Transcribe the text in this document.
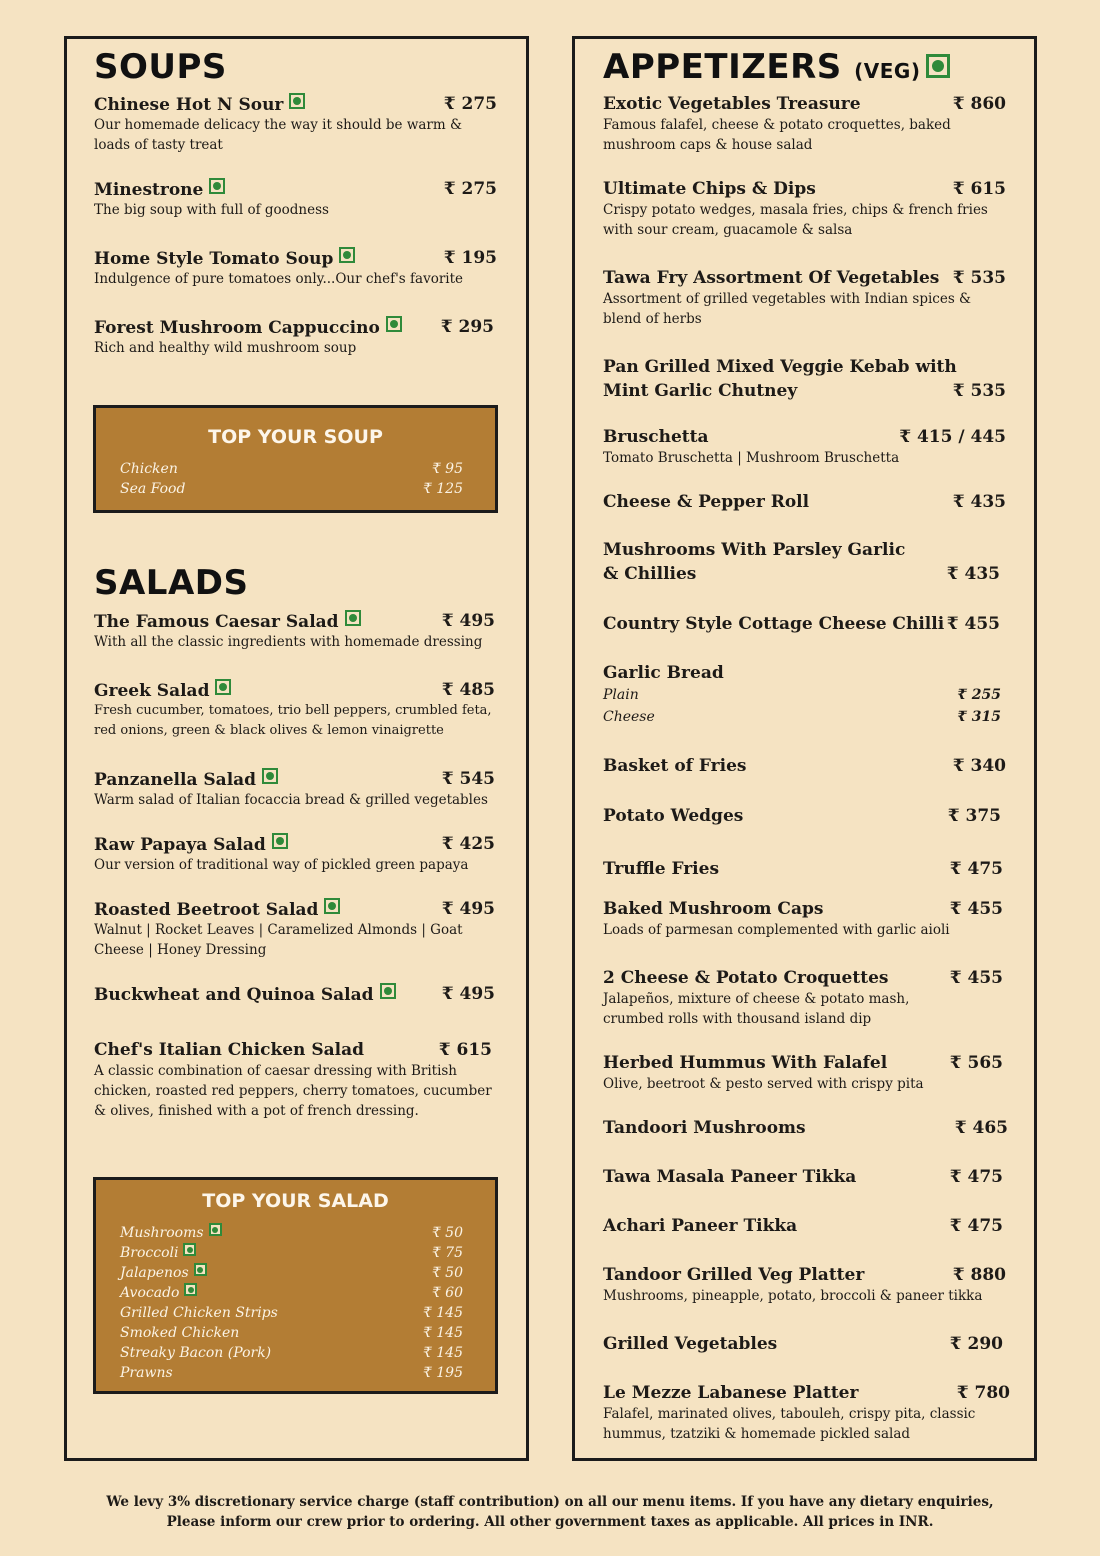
SOUPS
Chinese Hot N Sour	₹ 275
Our homemade delicacy the way it should be warm & loads of tasty treat
Minestrone	₹ 275
The big soup with full of goodness
Home Style Tomato Soup	₹ 195
Indulgence of pure tomatoes only...Our chef's favorite
Forest Mushroom Cappuccino	₹ 295
Rich and healthy wild mushroom soup
TOP YOUR SOUP
Chicken	₹ 95
Sea Food	₹ 125
SALADS
The Famous Caesar Salad	₹ 495
With all the classic ingredients with homemade dressing
Greek Salad	₹ 485
Fresh cucumber, tomatoes, trio bell peppers, crumbled feta, red onions, green & black olives & lemon vinaigrette
Panzanella Salad	₹ 545
Warm salad of Italian focaccia bread & grilled vegetables
Raw Papaya Salad	₹ 425
Our version of traditional way of pickled green papaya
Roasted Beetroot Salad	₹ 495
Walnut | Rocket Leaves | Caramelized Almonds | Goat Cheese | Honey Dressing
Buckwheat and Quinoa Salad	₹ 495
Chef's Italian Chicken Salad	₹ 615
A classic combination of caesar dressing with British chicken, roasted red peppers, cherry tomatoes, cucumber & olives, finished with a pot of french dressing.
TOP YOUR SALAD
Mushrooms	₹ 50
Broccoli	₹ 75
Jalapenos	₹ 50
Avocado	₹ 60
Grilled Chicken Strips	₹ 145
Smoked Chicken	₹ 145
Streaky Bacon (Pork)	₹ 145
Prawns	₹ 195
APPETIZERS (VEG)
Exotic Vegetables Treasure	₹ 860
Famous falafel, cheese & potato croquettes, baked mushroom caps & house salad
Ultimate Chips & Dips	₹ 615
Crispy potato wedges, masala fries, chips & french fries with sour cream, guacamole & salsa
Tawa Fry Assortment Of Vegetables ₹ 535
Assortment of grilled vegetables with Indian spices & blend of herbs
Pan Grilled Mixed Veggie Kebab with Mint Garlic Chutney	₹ 535
Bruschetta	₹ 415 / 445
Tomato Bruschetta | Mushroom Bruschetta
Cheese & Pepper Roll	₹ 435
Mushrooms With Parsley Garlic & Chillies	₹ 435
Country Style Cottage Cheese Chilli ₹ 455
Garlic Bread
Plain	₹ 255
Cheese	₹ 315
Basket of Fries	₹ 340
Potato Wedges	₹ 375
Truffle Fries	₹ 475
Baked Mushroom Caps	₹ 455
Loads of parmesan complemented with garlic aioli
2 Cheese & Potato Croquettes	₹ 455
Jalapeños, mixture of cheese & potato mash, crumbed rolls with thousand island dip
Herbed Hummus With Falafel	₹ 565
Olive, beetroot & pesto served with crispy pita
Tandoori Mushrooms	₹ 465
Tawa Masala Paneer Tikka	₹ 475
Achari Paneer Tikka	₹ 475
Tandoor Grilled Veg Platter	₹ 880
Mushrooms, pineapple, potato, broccoli & paneer tikka
Grilled Vegetables	₹ 290
Le Mezze Labanese Platter	₹ 780
Falafel, marinated olives, tabouleh, crispy pita, classic hummus, tzatziki & homemade pickled salad
We levy 3% discretionary service charge (staff contribution) on all our menu items. If you have any dietary enquiries,
Please inform our crew prior to ordering. All other government taxes as applicable. All prices in INR.
